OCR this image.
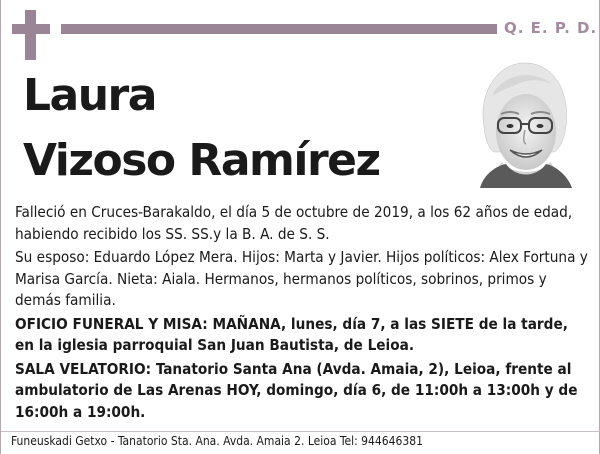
Q. E. P. D.
Laura
Vizoso Ramírez

Falleció en Cruces-Barakaldo, el día 5 de octubre de 2019, a los 62 años de edad, habiendo recibido los SS. SS.y la B. A. de S. S.

Su esposo: Eduardo López Mera. Hijos: Marta y Javier. Hijos políticos: Alex Fortuna y Marisa García. Nieta: Aiala. Hermanos, hermanos políticos, sobrinos, primos y demás familia.

OFICIO FUNERAL Y MISA: MAÑANA, lunes, día 7, a las SIETE de la tarde, en la iglesia parroquial San Juan Bautista, de Leioa.

SALA VELATORIO: Tanatorio Santa Ana (Avda. Amaia, 2), Leioa, frente al ambulatorio de Las Arenas HOY, domingo, día 6, de 11:00h a 13:00h y de 16:00h a 19:00h.

Funeuskadi Getxo - Tanatorio Sta. Ana. Avda. Amaia 2. Leioa Tel: 944646381
